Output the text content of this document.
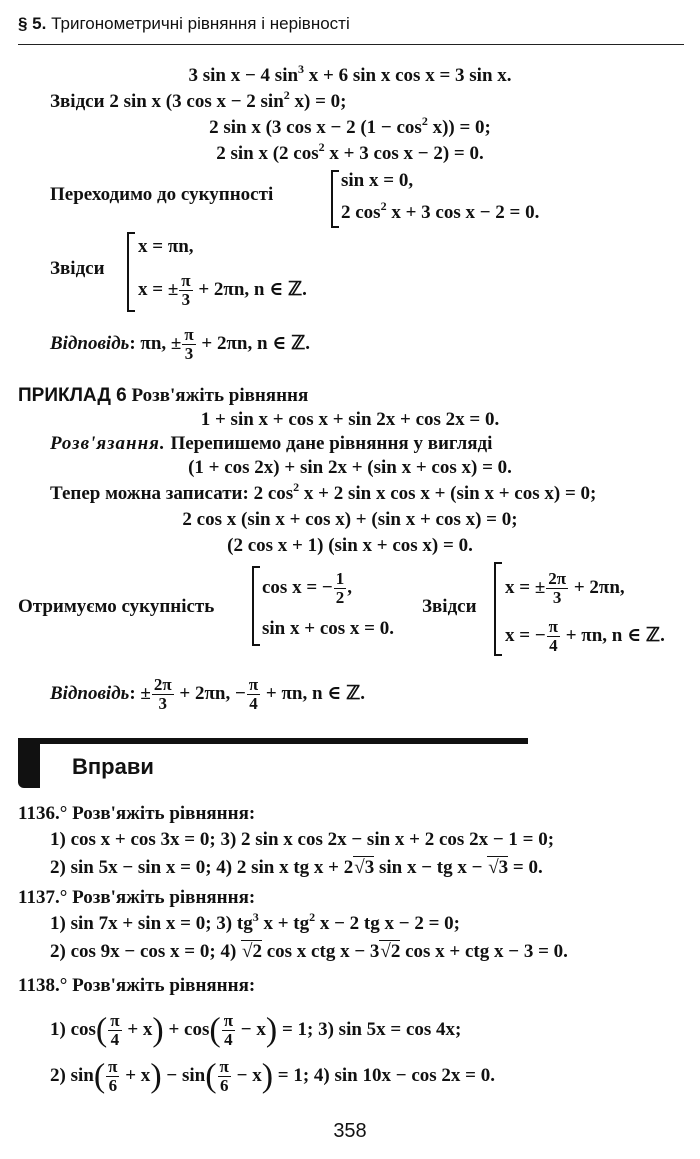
§ 5. Тригонометричні рівняння і нерівності
3 sin x − 4 $\sin^3 x + 6$ sin x cos x = 3 sin x.
Звідси 2 sin x (3 cos x − 2 $\sin^2 x) = 0$;
2 sin x (3 cos x − 2 $(1 - \cos^2 x)) = 0$;
2 sin x (2 $\cos^2 x + 3$ cos x − 2) = 0.
Переходимо до сукупності
sin x = 0,
2 $\cos^2 x + 3$ cos x − 2 = 0.
Звідси
x = πn,
x = ± $\frac{\pi}{3} + 2\pi n$, n ∈ ℤ.
Відповідь: πn, ± $\frac{\pi}{3} + 2\pi n$, n ∈ ℤ.
ПРИКЛАД 6 Розв'яжіть рівняння
1 + sin x + cos x + sin 2x + cos 2x = 0.
Розв'язання. Перепишемо дане рівняння у вигляді
(1 + cos 2x) + sin 2x + (sin x + cos x) = 0.
Тепер можна записати: 2 $\cos^2 x + 2$ sin x cos x + (sin x + cos x) = 0;
2 cos x (sin x + cos x) + (sin x + cos x) = 0;
(2 cos x + 1) (sin x + cos x) = 0.
Отримуємо сукупність
cos x = − $\frac{1}{2}$ ,
sin x + cos x = 0.
Звідси
x = ± $\frac{2\pi}{3} + 2\pi n$,
x = − $\frac{\pi}{4} + \pi n$, n ∈ ℤ.
Відповідь: ± $\frac{2\pi}{3} + 2\pi n$, − $\frac{\pi}{4} + \pi n$, n ∈ ℤ.
Вправи
1136.° Розв'яжіть рівняння:
1) cos x + cos 3x = 0; 3) 2 sin x cos 2x − sin x + 2 cos 2x − 1 = 0;
2) sin 5x − sin x = 0; 4) 2 sin x tg x + 2√3 sin x − tg x − √3 = 0.
1137.° Розв'яжіть рівняння:
1) sin 7x + sin x = 0; 3) $tg^3$ $x + tg^2$ x − 2 tg x − 2 = 0;
2) cos 9x − cos x = 0; 4) √2 cos x ctg x − 3√2 cos x + ctg x − 3 = 0.
1138.° Розв'яжіть рівняння:
1) $\cos( \frac{\pi}{4} + x) + \cos( \frac{\pi}{4} - x) = 1$; 3) sin 5x = cos 4x;
2) $\sin( \frac{\pi}{6} + x) - \sin( \frac{\pi}{6} - x) = 1$; 4) sin 10x − cos 2x = 0.
358
